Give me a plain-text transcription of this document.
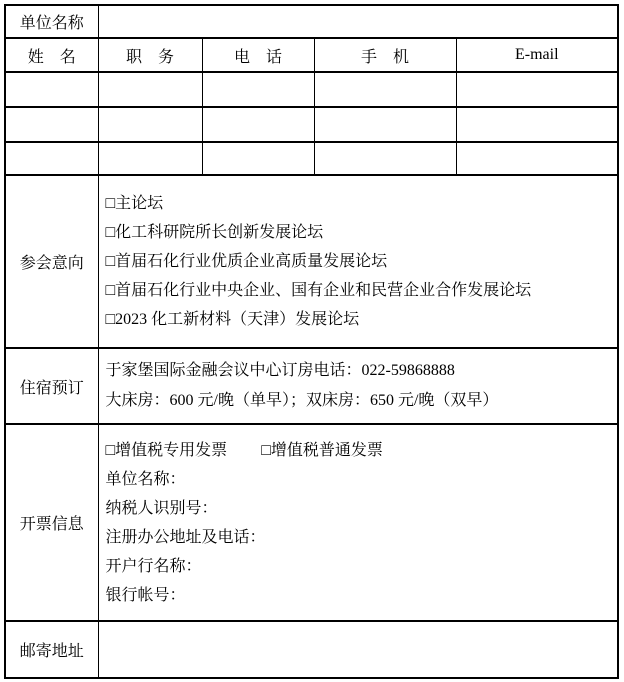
单位名称				
姓　名	职　务	电　话	手　机	E-mail

参会意向	□主论坛
□化工科研院所长创新发展论坛
□首届石化行业优质企业高质量发展论坛
□首届石化行业中央企业、国有企业和民营企业合作发展论坛
□2023 化工新材料（天津）发展论坛			

住宿预订	于家堡国际金融会议中心订房电话：022-59868888
大床房：600 元/晚（单早）；双床房：650 元/晚（双早）			

开票信息	
□增值税专用发票 □增值税普通发票
单位名称：
纳税人识别号：
注册办公地址及电话：
开户行名称：
银行帐号：

邮寄地址				
